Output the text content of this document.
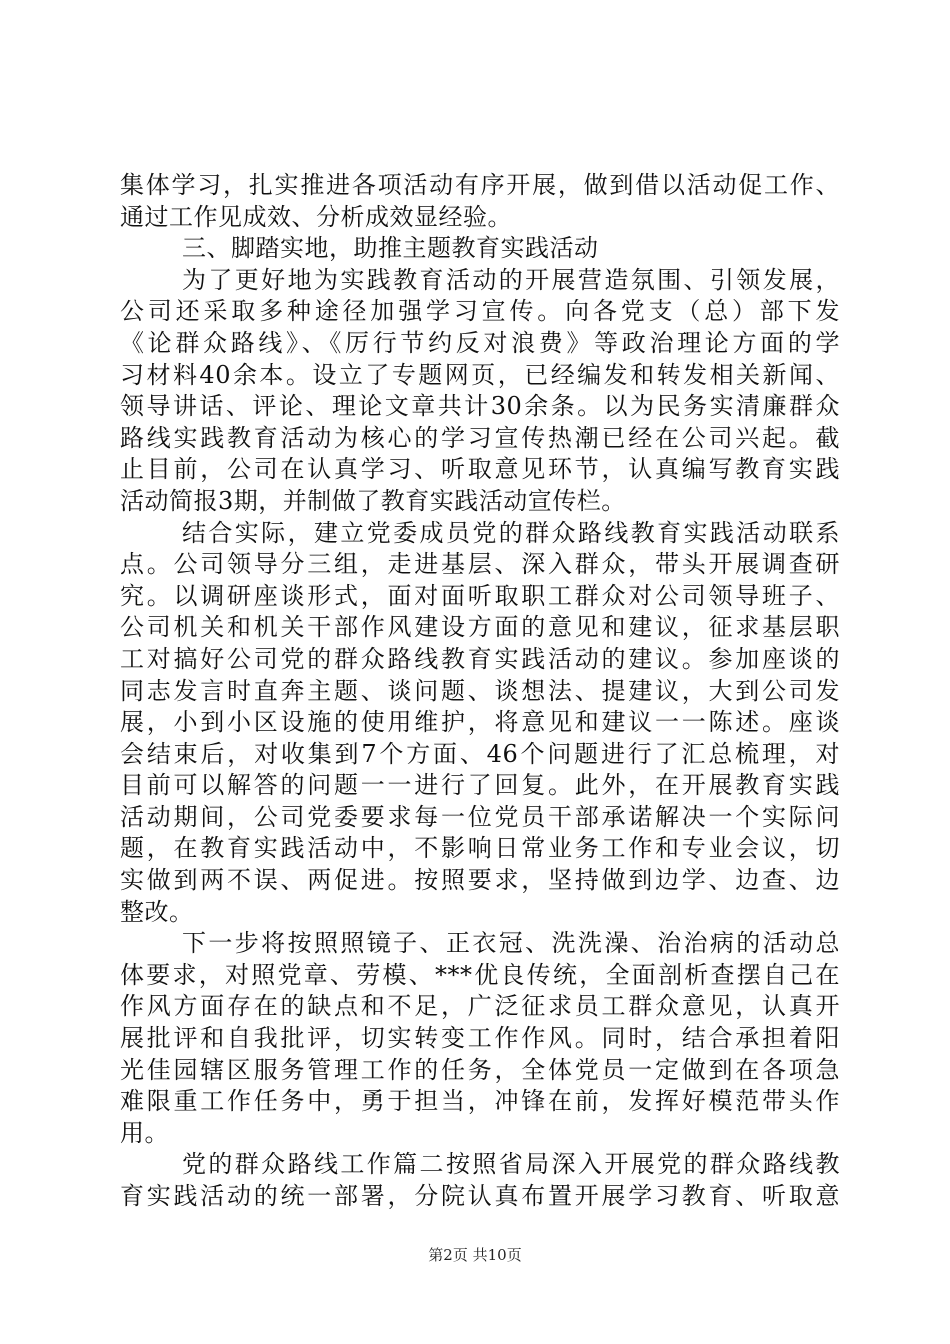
集体学习，扎实推进各项活动有序开展，做到借以活动促工作、
通过工作见成效、分析成效显经验。
三、脚踏实地，助推主题教育实践活动
为了更好地为实践教育活动的开展营造氛围、引领发展，
公司还采取多种途径加强学习宣传。向各党支（总）部下发
《论群众路线》、《厉行节约反对浪费》等政治理论方面的学
习材料40余本。设立了专题网页，已经编发和转发相关新闻、
领导讲话、评论、理论文章共计30余条。以为民务实清廉群众
路线实践教育活动为核心的学习宣传热潮已经在公司兴起。截
止目前，公司在认真学习、听取意见环节，认真编写教育实践
活动简报3期，并制做了教育实践活动宣传栏。
结合实际，建立党委成员党的群众路线教育实践活动联系
点。公司领导分三组，走进基层、深入群众，带头开展调查研
究。以调研座谈形式，面对面听取职工群众对公司领导班子、
公司机关和机关干部作风建设方面的意见和建议，征求基层职
工对搞好公司党的群众路线教育实践活动的建议。参加座谈的
同志发言时直奔主题、谈问题、谈想法、提建议，大到公司发
展，小到小区设施的使用维护，将意见和建议一一陈述。座谈
会结束后，对收集到7个方面、46个问题进行了汇总梳理，对
目前可以解答的问题一一进行了回复。此外，在开展教育实践
活动期间，公司党委要求每一位党员干部承诺解决一个实际问
题，在教育实践活动中，不影响日常业务工作和专业会议，切
实做到两不误、两促进。按照要求，坚持做到边学、边查、边
整改。
下一步将按照照镜子、正衣冠、洗洗澡、治治病的活动总
体要求，对照党章、劳模、***优良传统，全面剖析查摆自己在
作风方面存在的缺点和不足，广泛征求员工群众意见，认真开
展批评和自我批评，切实转变工作作风。同时，结合承担着阳
光佳园辖区服务管理工作的任务，全体党员一定做到在各项急
难限重工作任务中，勇于担当，冲锋在前，发挥好模范带头作
用。
党的群众路线工作篇二按照省局深入开展党的群众路线教
育实践活动的统一部署，分院认真布置开展学习教育、听取意
第2页 共10页
